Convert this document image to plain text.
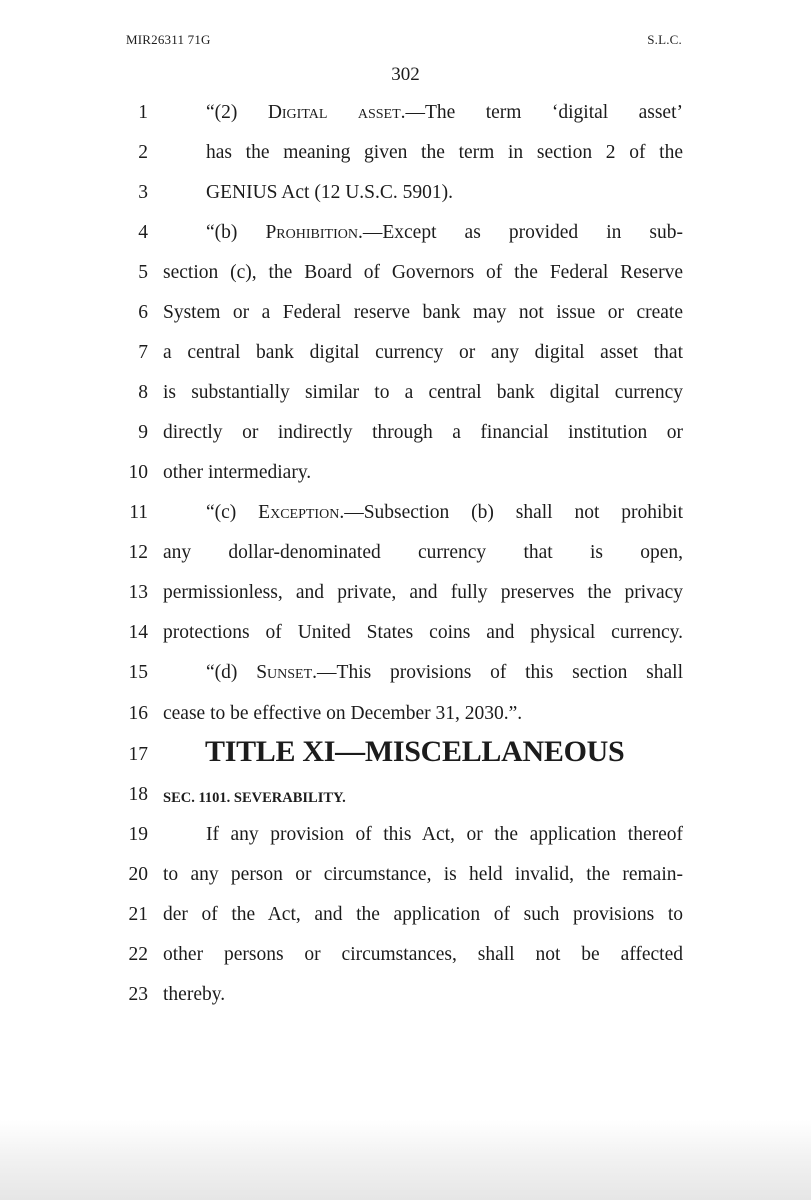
MIR26311 71G	S.L.C.
302
1	“(2) Digital asset.—The term ‘digital asset’
2	has the meaning given the term in section 2 of the
3	GENIUS Act (12 U.S.C. 5901).
4	“(b) Prohibition.—Except as provided in sub-
5 section (c), the Board of Governors of the Federal Reserve
6 System or a Federal reserve bank may not issue or create
7 a central bank digital currency or any digital asset that
8 is substantially similar to a central bank digital currency
9 directly or indirectly through a financial institution or
10 other intermediary.
11	“(c) Exception.—Subsection (b) shall not prohibit
12 any dollar-denominated currency that is open,
13 permissionless, and private, and fully preserves the privacy
14 protections of United States coins and physical currency.
15	“(d) Sunset.—This provisions of this section shall
16 cease to be effective on December 31, 2030.”.
17 TITLE XI—MISCELLANEOUS
18 SEC. 1101. SEVERABILITY.
19	If any provision of this Act, or the application thereof
20 to any person or circumstance, is held invalid, the remain-
21 der of the Act, and the application of such provisions to
22 other persons or circumstances, shall not be affected
23 thereby.
